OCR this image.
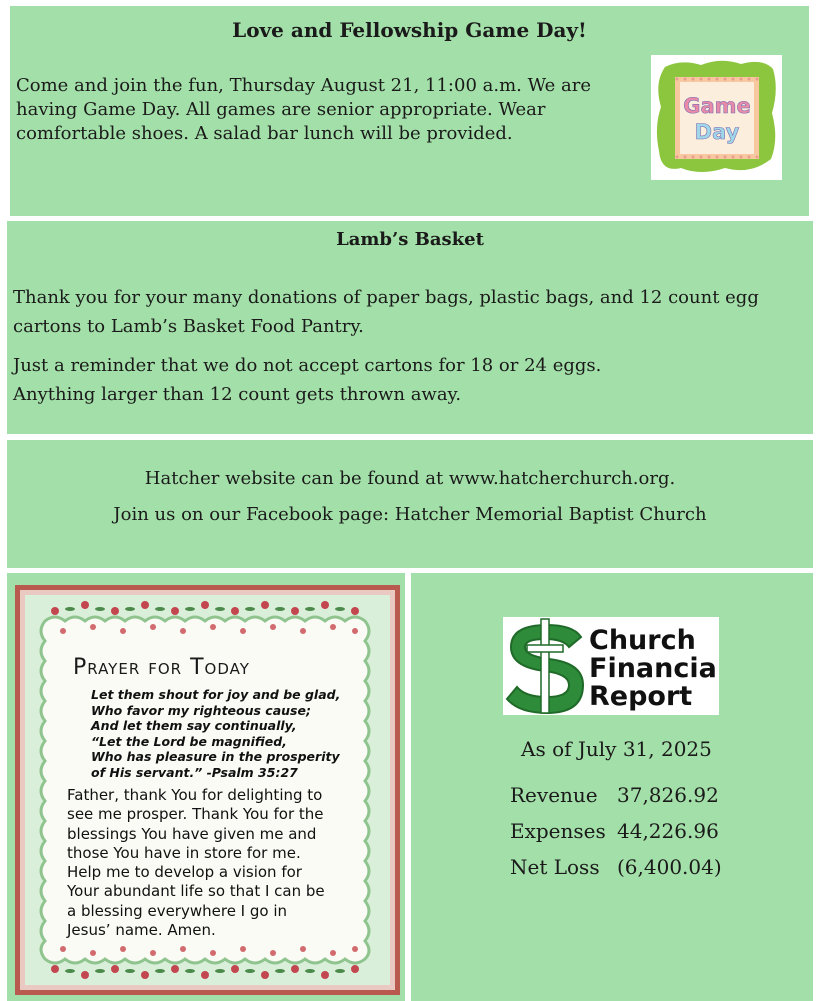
Love and Fellowship Game Day!
Come and join the fun, Thursday August 21, 11:00 a.m. We are
having Game Day. All games are senior appropriate. Wear
comfortable shoes. A salad bar lunch will be provided.
Game
Day
Lamb’s Basket
Thank you for your many donations of paper bags, plastic bags, and 12 count egg
cartons to Lamb’s Basket Food Pantry.
Just a reminder that we do not accept cartons for 18 or 24 eggs.
Anything larger than 12 count gets thrown away.
Hatcher website can be found at www.hatcherchurch.org.
Join us on our Facebook page: Hatcher Memorial Baptist Church
Prayer for Today
Let them shout for joy and be glad,
Who favor my righteous cause;
And let them say continually,
“Let the Lord be magnified,
Who has pleasure in the prosperity
of His servant.” -Psalm 35:27
Father, thank You for delighting to
see me prosper. Thank You for the
blessings You have given me and
those You have in store for me.
Help me to develop a vision for
Your abundant life so that I can be
a blessing everywhere I go in
Jesus’ name. Amen.
Church
Financial
Report
As of July 31, 2025
Revenue 37,826.92
Expenses 44,226.96
Net Loss (6,400.04)
